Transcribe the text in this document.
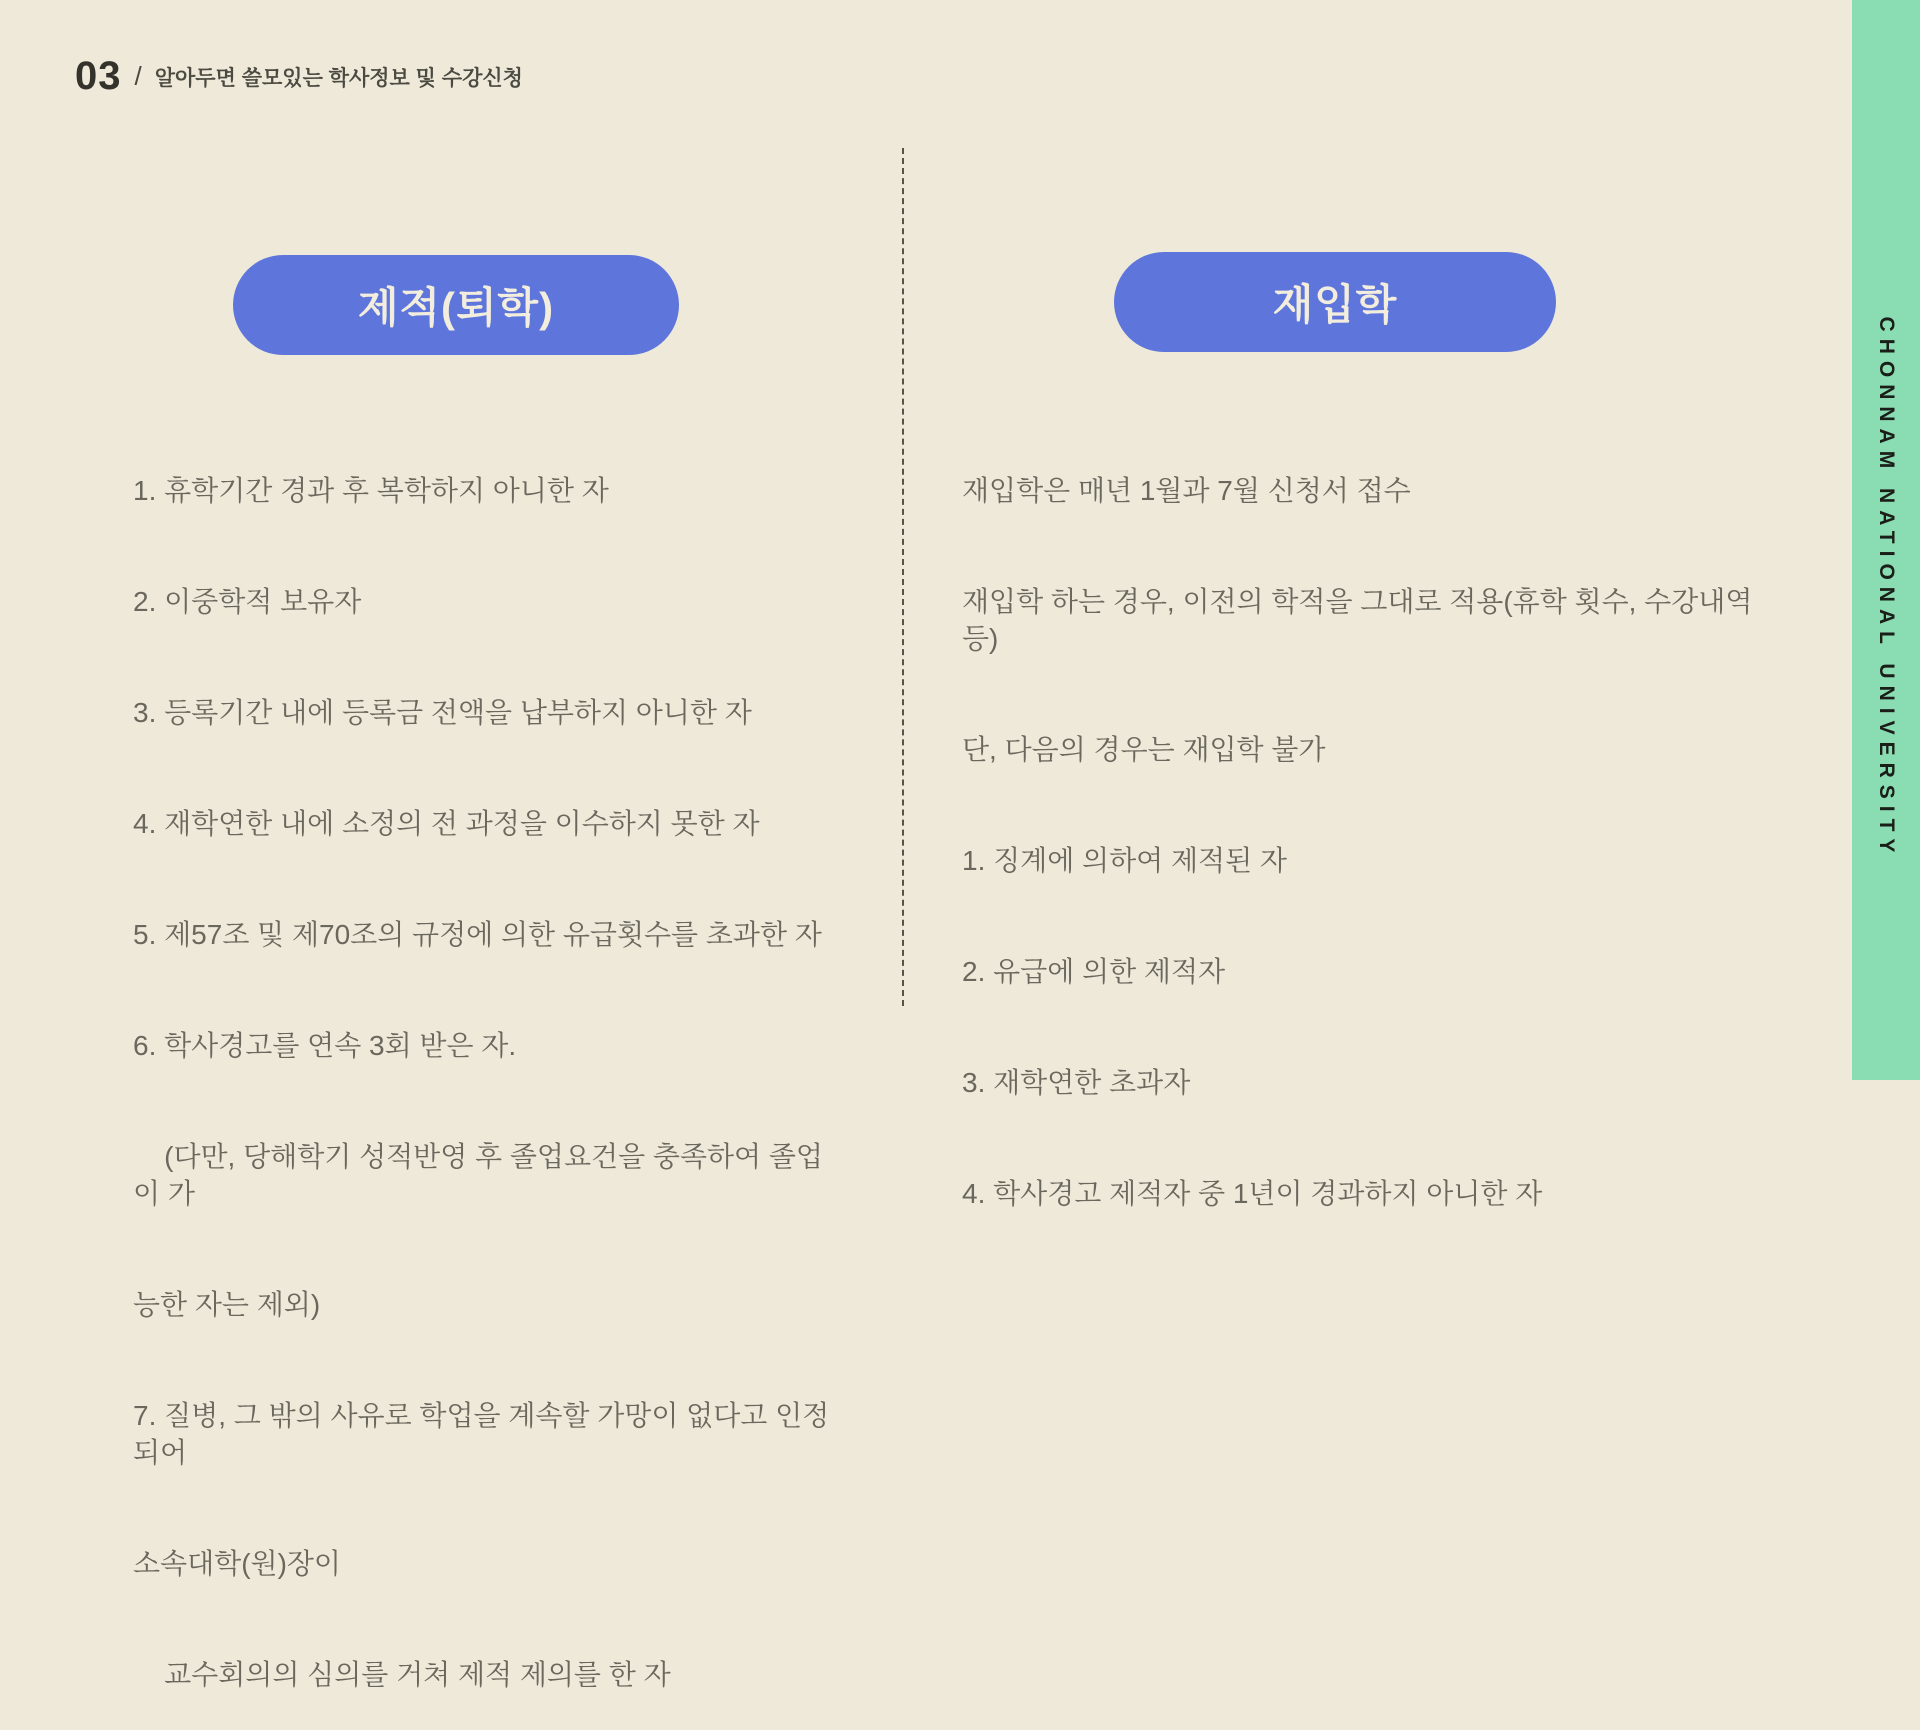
03 / 알아두면 쓸모있는 학사정보 및 수강신청
제적(퇴학)

1. 휴학기간 경과 후 복학하지 아니한 자

2. 이중학적 보유자

3. 등록기간 내에 등록금 전액을 납부하지 아니한 자

4. 재학연한 내에 소정의 전 과정을 이수하지 못한 자

5. 제57조 및 제70조의 규정에 의한 유급횟수를 초과한 자

6. 학사경고를 연속 3회 받은 자.

(다만, 당해학기 성적반영 후 졸업요건을 충족하여 졸업이 가

능한 자는 제외)

7. 질병, 그 밖의 사유로 학업을 계속할 가망이 없다고 인정되어

소속대학(원)장이

교수회의의 심의를 거쳐 제적 제의를 한 자

재입학

재입학은 매년 1월과 7월 신청서 접수

재입학 하는 경우, 이전의 학적을 그대로 적용(휴학 횟수, 수강내역 등)

단, 다음의 경우는 재입학 불가

1. 징계에 의하여 제적된 자

2. 유급에 의한 제적자

3. 재학연한 초과자

4. 학사경고 제적자 중 1년이 경과하지 아니한 자

CHONNAM NATIONAL UNIVERSITY
